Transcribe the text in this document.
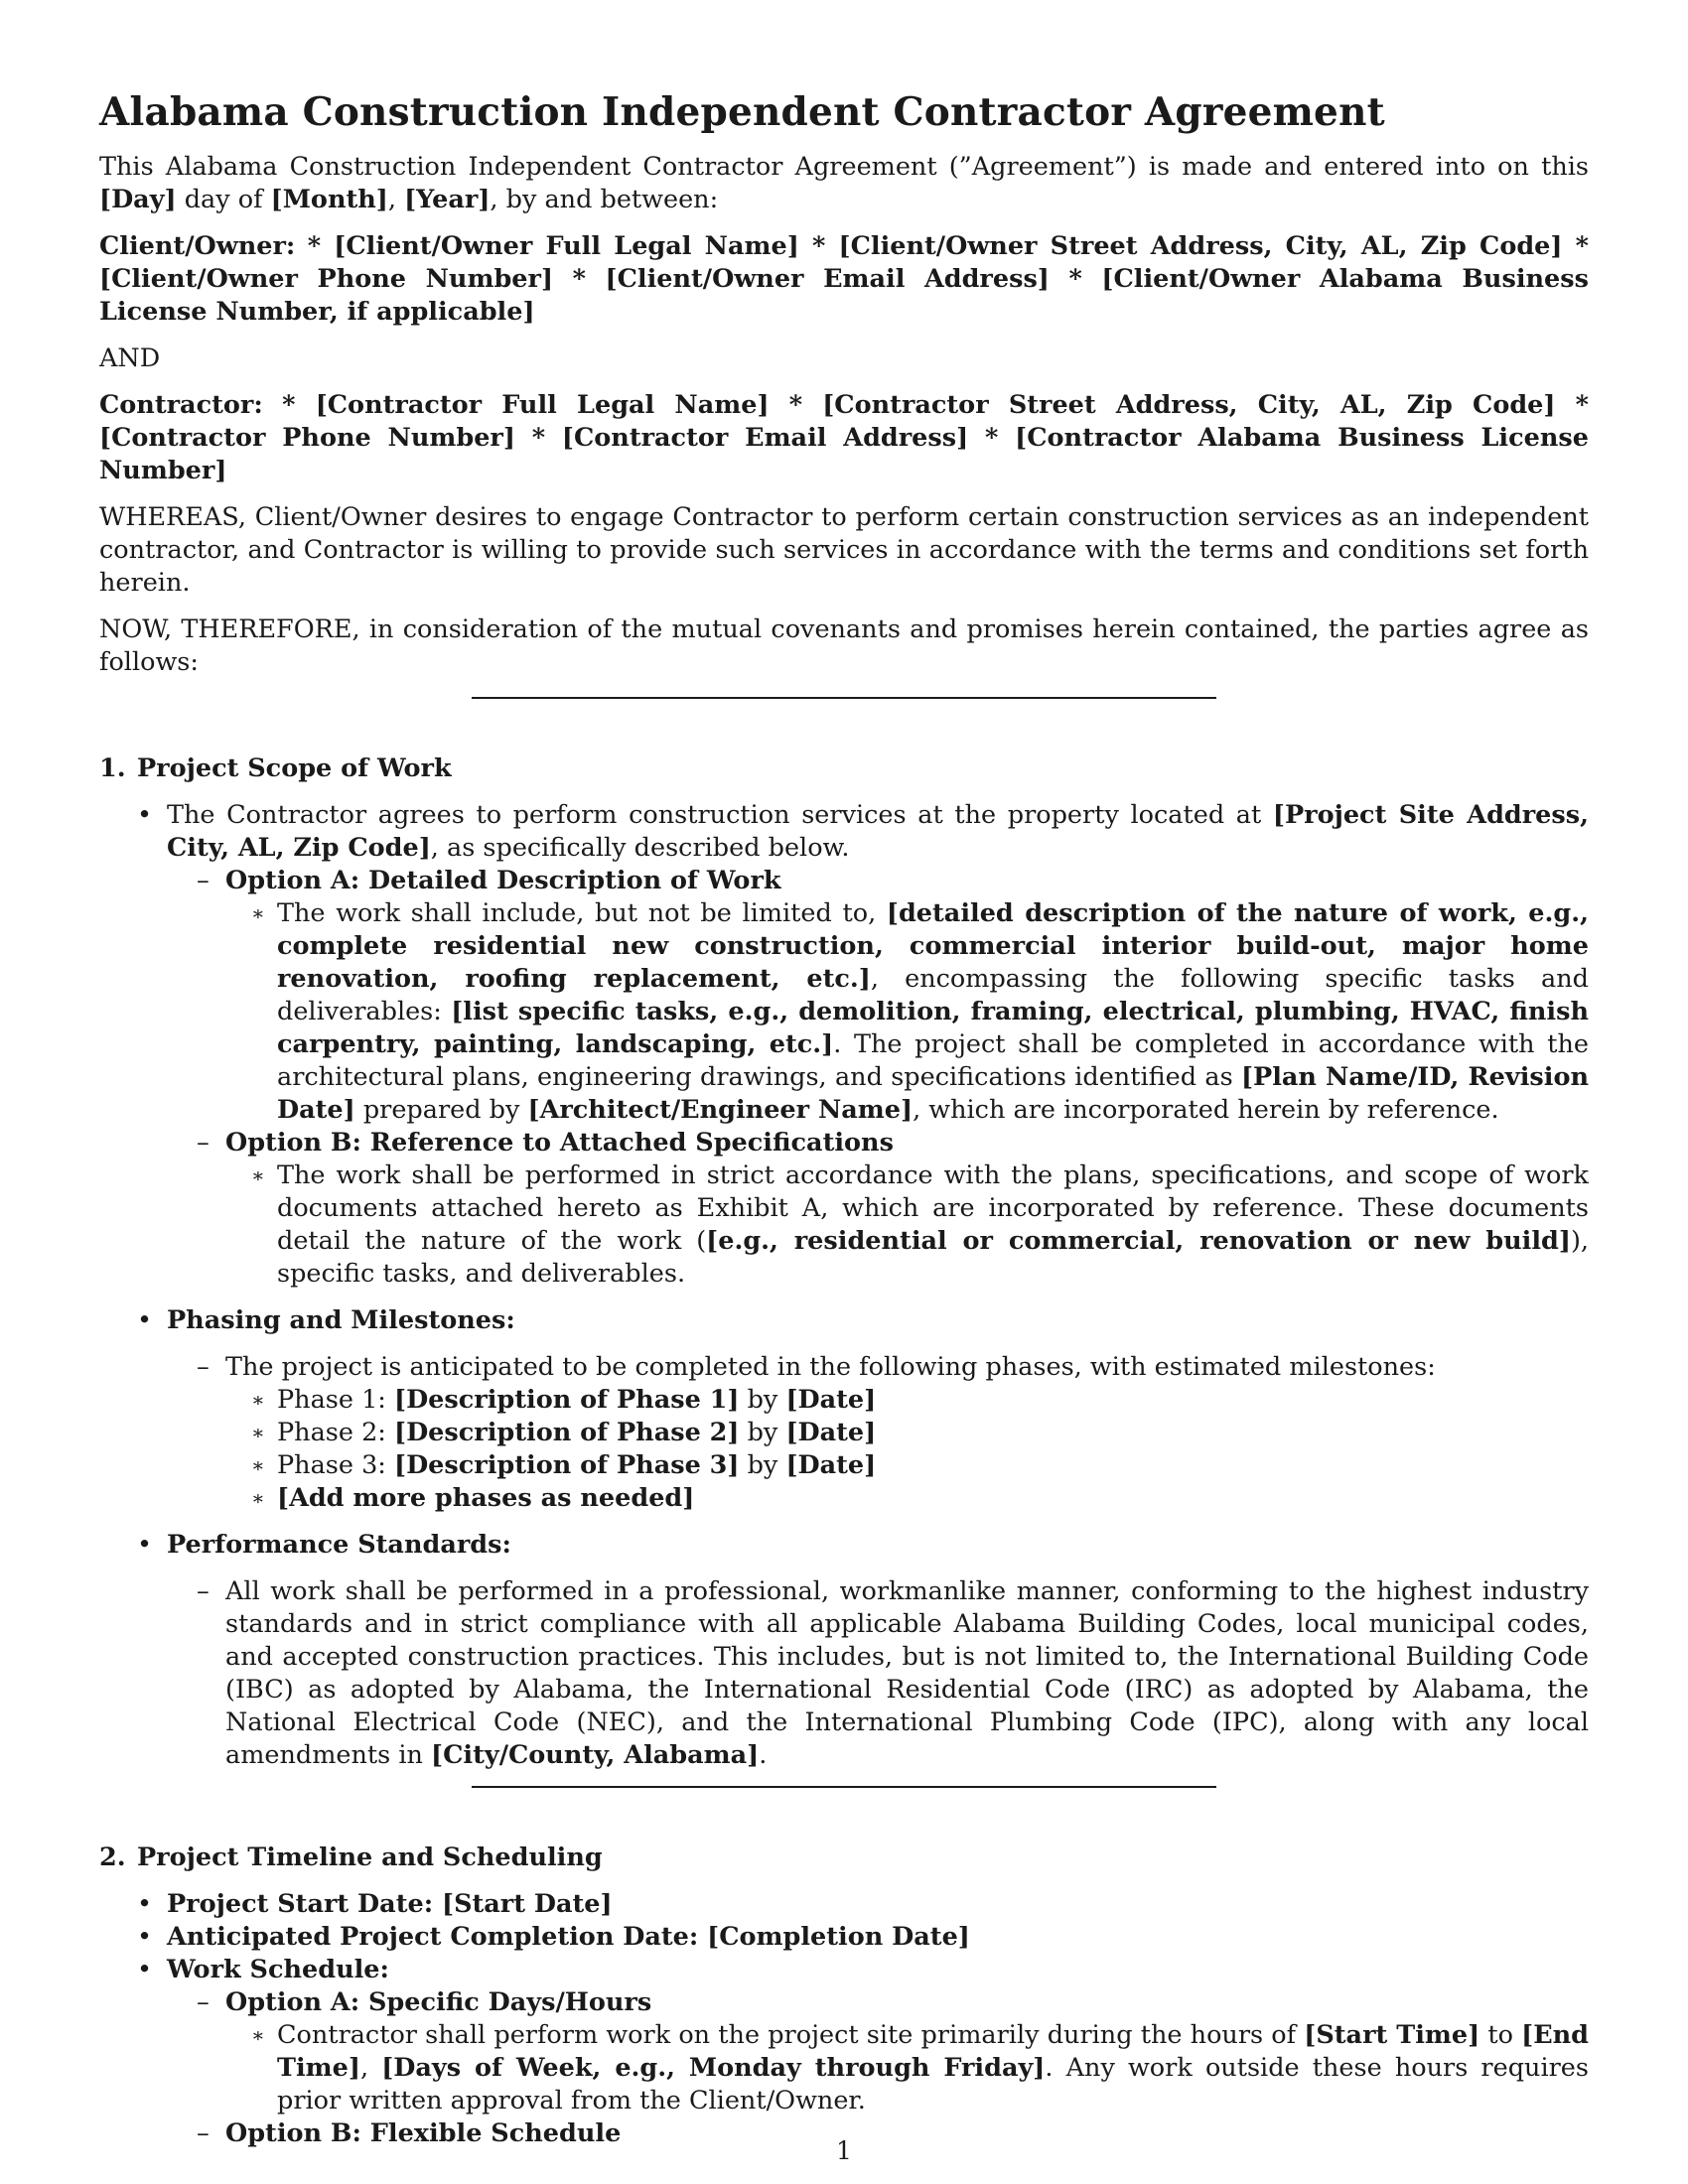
Alabama Construction Independent Contractor Agreement

This Alabama Construction Independent Contractor Agreement (”Agreement”) is made and entered into on this [Day] day of [Month], [Year], by and between:

Client/Owner: * [Client/Owner Full Legal Name] * [Client/Owner Street Address, City, AL, Zip Code] * [Client/Owner Phone Number] * [Client/Owner Email Address] * [Client/Owner Alabama Business License Number, if applicable]

AND

Contractor: * [Contractor Full Legal Name] * [Contractor Street Address, City, AL, Zip Code] * [Contractor Phone Number] * [Contractor Email Address] * [Contractor Alabama Business License Number]

WHEREAS, Client/Owner desires to engage Contractor to perform certain construction services as an independent contractor, and Contractor is willing to provide such services in accordance with the terms and conditions set forth herein.

NOW, THEREFORE, in consideration of the mutual covenants and promises herein contained, the parties agree as follows:

1. Project Scope of Work
• The Contractor agrees to perform construction services at the property located at [Project Site Address, City, AL, Zip Code], as specifically described below.
– Option A: Detailed Description of Work
∗ The work shall include, but not be limited to, [detailed description of the nature of work, e.g., complete residential new construction, commercial interior build-out, major home renovation, roofing replacement, etc.], encompassing the following specific tasks and deliverables: [list specific tasks, e.g., demolition, framing, electrical, plumbing, HVAC, finish carpentry, painting, landscaping, etc.]. The project shall be completed in accordance with the architectural plans, engineering drawings, and specifications identified as [Plan Name/ID, Revision Date] prepared by [Architect/Engineer Name], which are incorporated herein by reference.
– Option B: Reference to Attached Specifications
∗ The work shall be performed in strict accordance with the plans, specifications, and scope of work documents attached hereto as Exhibit A, which are incorporated by reference. These documents detail the nature of the work ([e.g., residential or commercial, renovation or new build]), specific tasks, and deliverables.
• Phasing and Milestones:
– The project is anticipated to be completed in the following phases, with estimated milestones:
∗ Phase 1: [Description of Phase 1] by [Date]
∗ Phase 2: [Description of Phase 2] by [Date]
∗ Phase 3: [Description of Phase 3] by [Date]
∗ [Add more phases as needed]
• Performance Standards:
– All work shall be performed in a professional, workmanlike manner, conforming to the highest industry standards and in strict compliance with all applicable Alabama Building Codes, local municipal codes, and accepted construction practices. This includes, but is not limited to, the International Building Code (IBC) as adopted by Alabama, the International Residential Code (IRC) as adopted by Alabama, the National Electrical Code (NEC), and the International Plumbing Code (IPC), along with any local amendments in [City/County, Alabama].
2. Project Timeline and Scheduling
• Project Start Date: [Start Date]
• Anticipated Project Completion Date: [Completion Date]
• Work Schedule:
– Option A: Specific Days/Hours
∗ Contractor shall perform work on the project site primarily during the hours of [Start Time] to [End Time], [Days of Week, e.g., Monday through Friday]. Any work outside these hours requires prior written approval from the Client/Owner.
– Option B: Flexible Schedule
1
